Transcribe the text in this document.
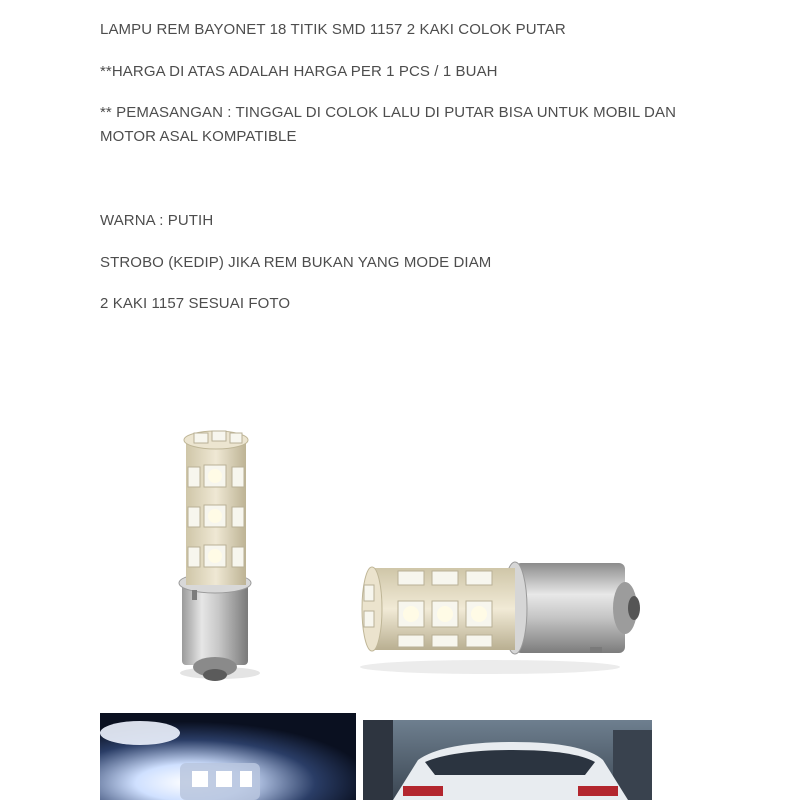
LAMPU REM BAYONET 18 TITIK SMD 1157 2 KAKI COLOK PUTAR
**HARGA DI ATAS ADALAH HARGA PER 1 PCS / 1 BUAH
** PEMASANGAN : TINGGAL DI COLOK LALU DI PUTAR BISA UNTUK MOBIL DAN MOTOR ASAL KOMPATIBLE
WARNA : PUTIH
STROBO (KEDIP) JIKA REM BUKAN YANG MODE DIAM
2 KAKI 1157 SESUAI FOTO
